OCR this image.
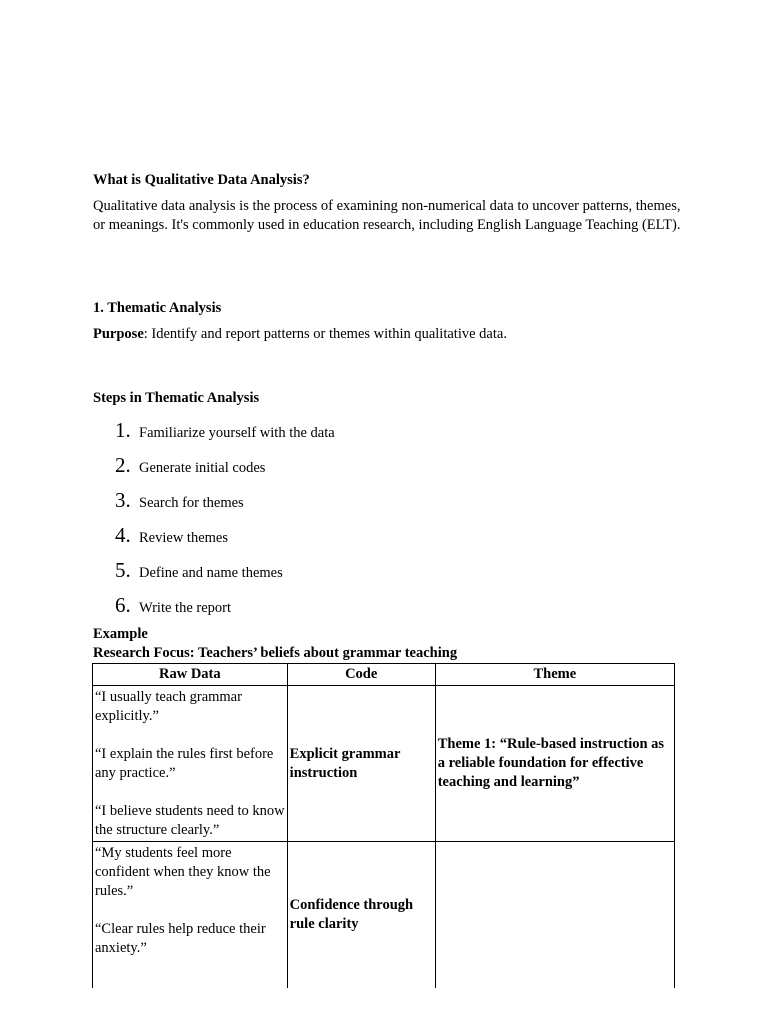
What is Qualitative Data Analysis?
Qualitative data analysis is the process of examining non-numerical data to uncover patterns, themes, or meanings. It's commonly used in education research, including English Language Teaching (ELT).
1. Thematic Analysis
Purpose: Identify and report patterns or themes within qualitative data.
Steps in Thematic Analysis
1. Familiarize yourself with the data
2. Generate initial codes
3. Search for themes
4. Review themes
5. Define and name themes
6. Write the report
Example
Research Focus: Teachers’ beliefs about grammar teaching
Raw Data	Code	Theme

“I usually teach grammar explicitly.”

“I explain the rules first before any practice.”

“I believe students need to know the structure clearly.”	Explicit grammar instruction	Theme 1: “Rule-based instruction as a reliable foundation for effective teaching and learning”

“My students feel more confident when they know the rules.”

“Clear rules help reduce their anxiety.”	Confidence through rule clarity	
